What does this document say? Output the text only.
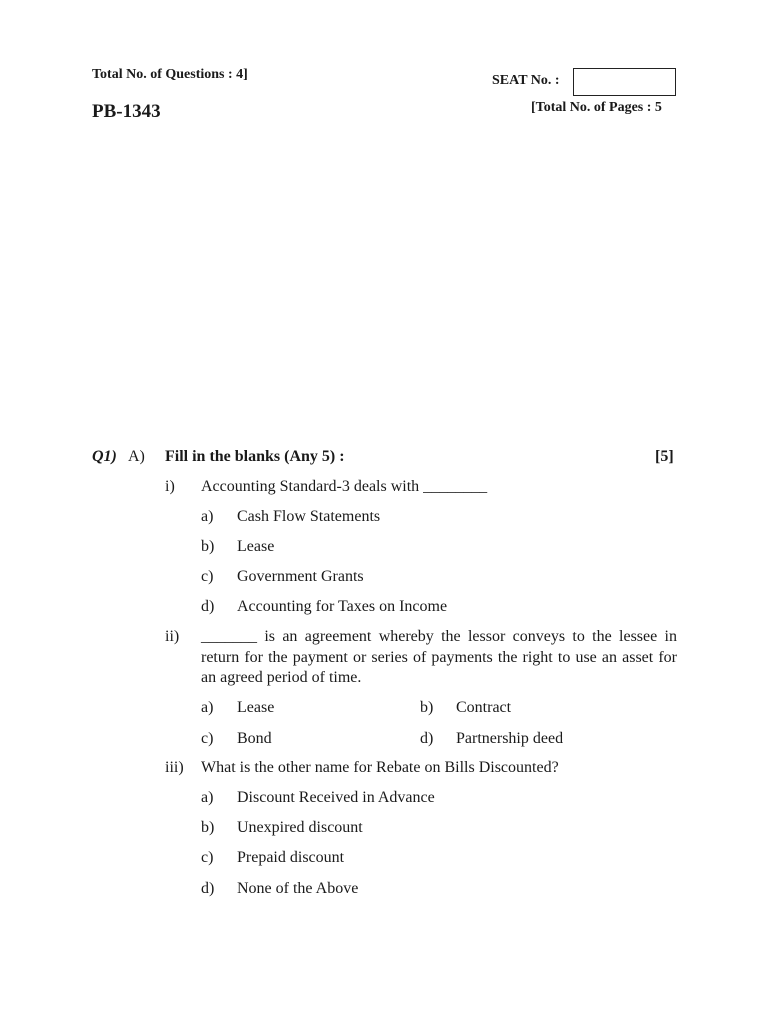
Total No. of Questions : 4]	SEAT No. :
PB-1343	[Total No. of Pages : 5
Q1) A) Fill in the blanks (Any 5) :	[5]
i) Accounting Standard-3 deals with ________
a) Cash Flow Statements
b) Lease
c) Government Grants
d) Accounting for Taxes on Income
ii) _______ is an agreement whereby the lessor conveys to the lessee in return for the payment or series of payments the right to use an asset for an agreed period of time.
a) Lease	b) Contract
c) Bond	d) Partnership deed
iii) What is the other name for Rebate on Bills Discounted?
a) Discount Received in Advance
b) Unexpired discount
c) Prepaid discount
d) None of the Above
